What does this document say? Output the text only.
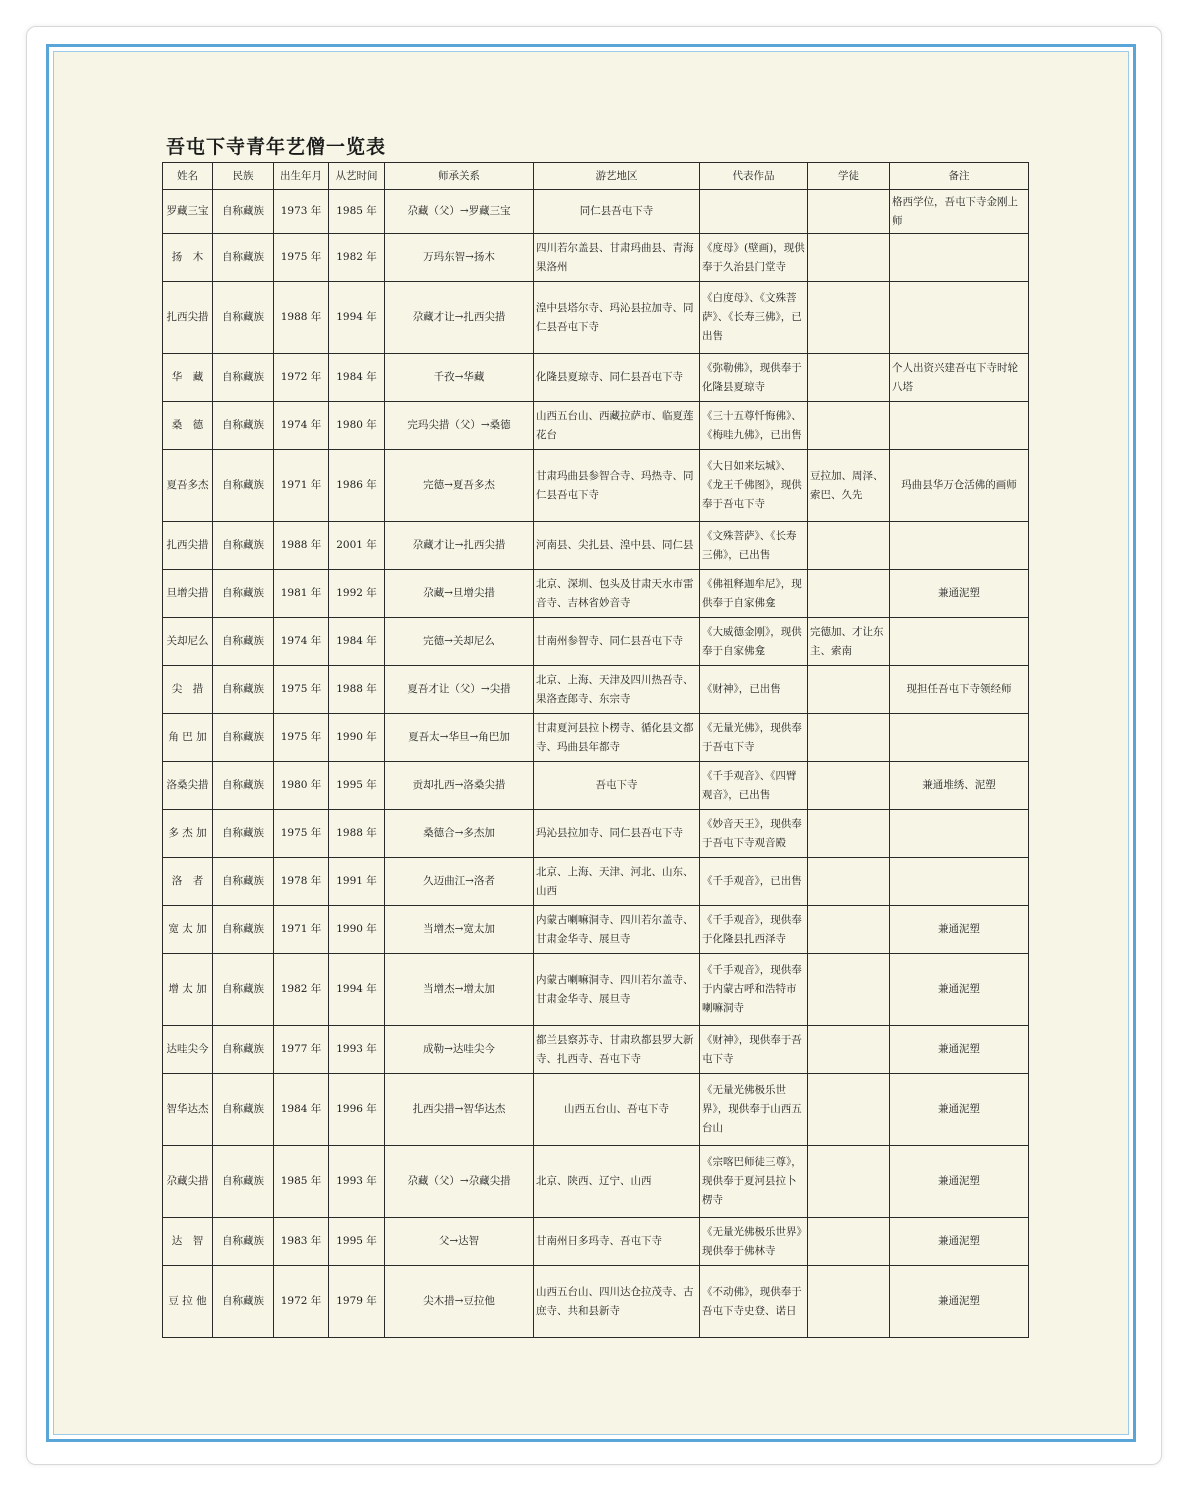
吾屯下寺青年艺僧一览表
姓名	民族	出生年月	从艺时间	师承关系	游艺地区	代表作品	学徒	备注
罗藏三宝	自称藏族	1973 年	1985 年	尕藏（父）→罗藏三宝	同仁县吾屯下寺			格西学位，吾屯下寺金刚上师
扬　木	自称藏族	1975 年	1982 年	万玛东智→扬木	四川若尔盖县、甘肃玛曲县、青海果洛州	《度母》(壁画)，现供奉于久治县门堂寺		
扎西尖措	自称藏族	1988 年	1994 年	尕藏才让→扎西尖措	湟中县塔尔寺、玛沁县拉加寺、同仁县吾屯下寺	《白度母》、《文殊菩萨》、《长寿三佛》，已出售		
华　藏	自称藏族	1972 年	1984 年	千孜→华藏	化隆县夏琼寺、同仁县吾屯下寺	《弥勒佛》，现供奉于化隆县夏琼寺		个人出资兴建吾屯下寺时轮八塔
桑　德	自称藏族	1974 年	1980 年	完玛尖措（父）→桑德	山西五台山、西藏拉萨市、临夏莲花台	《三十五尊忏悔佛》、《梅哇九佛》，已出售		
夏吾多杰	自称藏族	1971 年	1986 年	完德→夏吾多杰	甘肃玛曲县参智合寺、玛热寺、同仁县吾屯下寺	《大日如来坛城》、《龙王千佛图》，现供奉于吾屯下寺	豆拉加、周泽、索巴、久先	玛曲县华万仓活佛的画师
扎西尖措	自称藏族	1988 年	2001 年	尕藏才让→扎西尖措	河南县、尖扎县、湟中县、同仁县	《文殊菩萨》、《长寿三佛》，已出售		
旦增尖措	自称藏族	1981 年	1992 年	尕藏→旦增尖措	北京、深圳、包头及甘肃天水市雷音寺、吉林省妙音寺	《佛祖释迦牟尼》，现供奉于自家佛龛		兼通泥塑
关却尼么	自称藏族	1974 年	1984 年	完德→关却尼么	甘南州参智寺、同仁县吾屯下寺	《大威德金刚》，现供奉于自家佛龛	完德加、才让东主、索南	
尖　措	自称藏族	1975 年	1988 年	夏吾才让（父）→尖措	北京、上海、天津及四川热吾寺、果洛查郎寺、东宗寺	《财神》，已出售		现担任吾屯下寺领经师
角 巴 加	自称藏族	1975 年	1990 年	夏吾太→华旦→角巴加	甘肃夏河县拉卜楞寺、循化县文都寺、玛曲县年都寺	《无量光佛》，现供奉于吾屯下寺		
洛桑尖措	自称藏族	1980 年	1995 年	贡却扎西→洛桑尖措	吾屯下寺	《千手观音》、《四臂观音》，已出售		兼通堆绣、泥塑
多 杰 加	自称藏族	1975 年	1988 年	桑德合→多杰加	玛沁县拉加寺、同仁县吾屯下寺	《妙音天王》，现供奉于吾屯下寺观音殿		
洛　者	自称藏族	1978 年	1991 年	久迈曲江→洛者	北京、上海、天津、河北、山东、山西	《千手观音》，已出售		
宽 太 加	自称藏族	1971 年	1990 年	当增杰→宽太加	内蒙古喇嘛洞寺、四川若尔盖寺、甘肃金华寺、展旦寺	《千手观音》，现供奉于化隆县扎西泽寺		兼通泥塑
增 太 加	自称藏族	1982 年	1994 年	当增杰→增太加	内蒙古喇嘛洞寺、四川若尔盖寺、甘肃金华寺、展旦寺	《千手观音》，现供奉于内蒙古呼和浩特市喇嘛洞寺		兼通泥塑
达哇尖今	自称藏族	1977 年	1993 年	成勒→达哇尖今	都兰县察苏寺、甘肃玖都县罗大新寺、扎西寺、吾屯下寺	《财神》，现供奉于吾屯下寺		兼通泥塑
智华达杰	自称藏族	1984 年	1996 年	扎西尖措→智华达杰	山西五台山、吾屯下寺	《无量光佛极乐世界》，现供奉于山西五台山		兼通泥塑
尕藏尖措	自称藏族	1985 年	1993 年	尕藏（父）→尕藏尖措	北京、陕西、辽宁、山西	《宗喀巴师徒三尊》，现供奉于夏河县拉卜楞寺		兼通泥塑
达　智	自称藏族	1983 年	1995 年	父→达智	甘南州日多玛寺、吾屯下寺	《无量光佛极乐世界》现供奉于佛林寺		兼通泥塑
豆 拉 他	自称藏族	1972 年	1979 年	尖木措→豆拉他	山西五台山、四川达仓拉茂寺、古庶寺、共和县新寺	《不动佛》，现供奉于吾屯下寺史登、诺日		兼通泥塑
